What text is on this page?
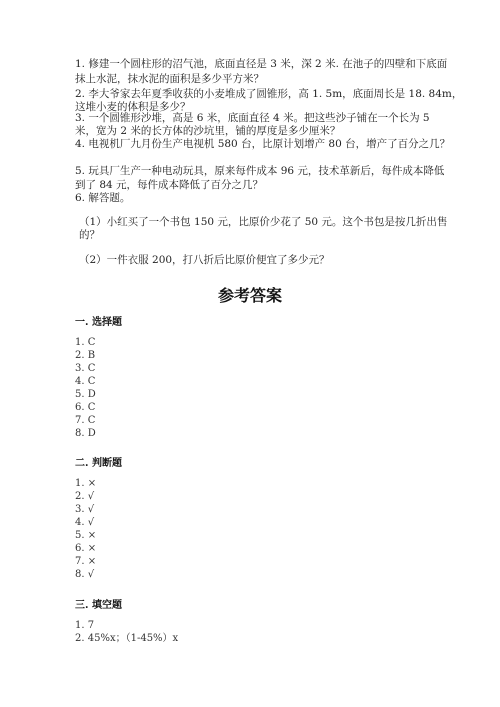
1. 修建一个圆柱形的沼气池，底面直径是 3 米，深 2 米. 在池子的四壁和下底面
抹上水泥，抹水泥的面积是多少平方米？
2. 李大爷家去年夏季收获的小麦堆成了圆锥形，高 1. 5m，底面周长是 18. 84m，
这堆小麦的体积是多少？
3. 一个圆锥形沙堆，高是 6 米，底面直径 4 米。把这些沙子铺在一个长为 5
米，宽为 2 米的长方体的沙坑里，铺的厚度是多少厘米？
4. 电视机厂九月份生产电视机 580 台，比原计划增产 80 台，增产了百分之几？
5. 玩具厂生产一种电动玩具，原来每件成本 96 元，技术革新后，每件成本降低
到了 84 元，每件成本降低了百分之几？
6. 解答题。
（1）小红买了一个书包 150 元，比原价少花了 50 元。这个书包是按几折出售
的？
（2）一件衣服 200，打八折后比原价便宜了多少元？
参考答案
一. 选择题
1. C
2. B
3. C
4. C
5. D
6. C
7. C
8. D
二. 判断题
1. ×
2. √
3. √
4. √
5. ×
6. ×
7. ×
8. √
三. 填空题
1. 7
2. 45%x；（1-45%）x
